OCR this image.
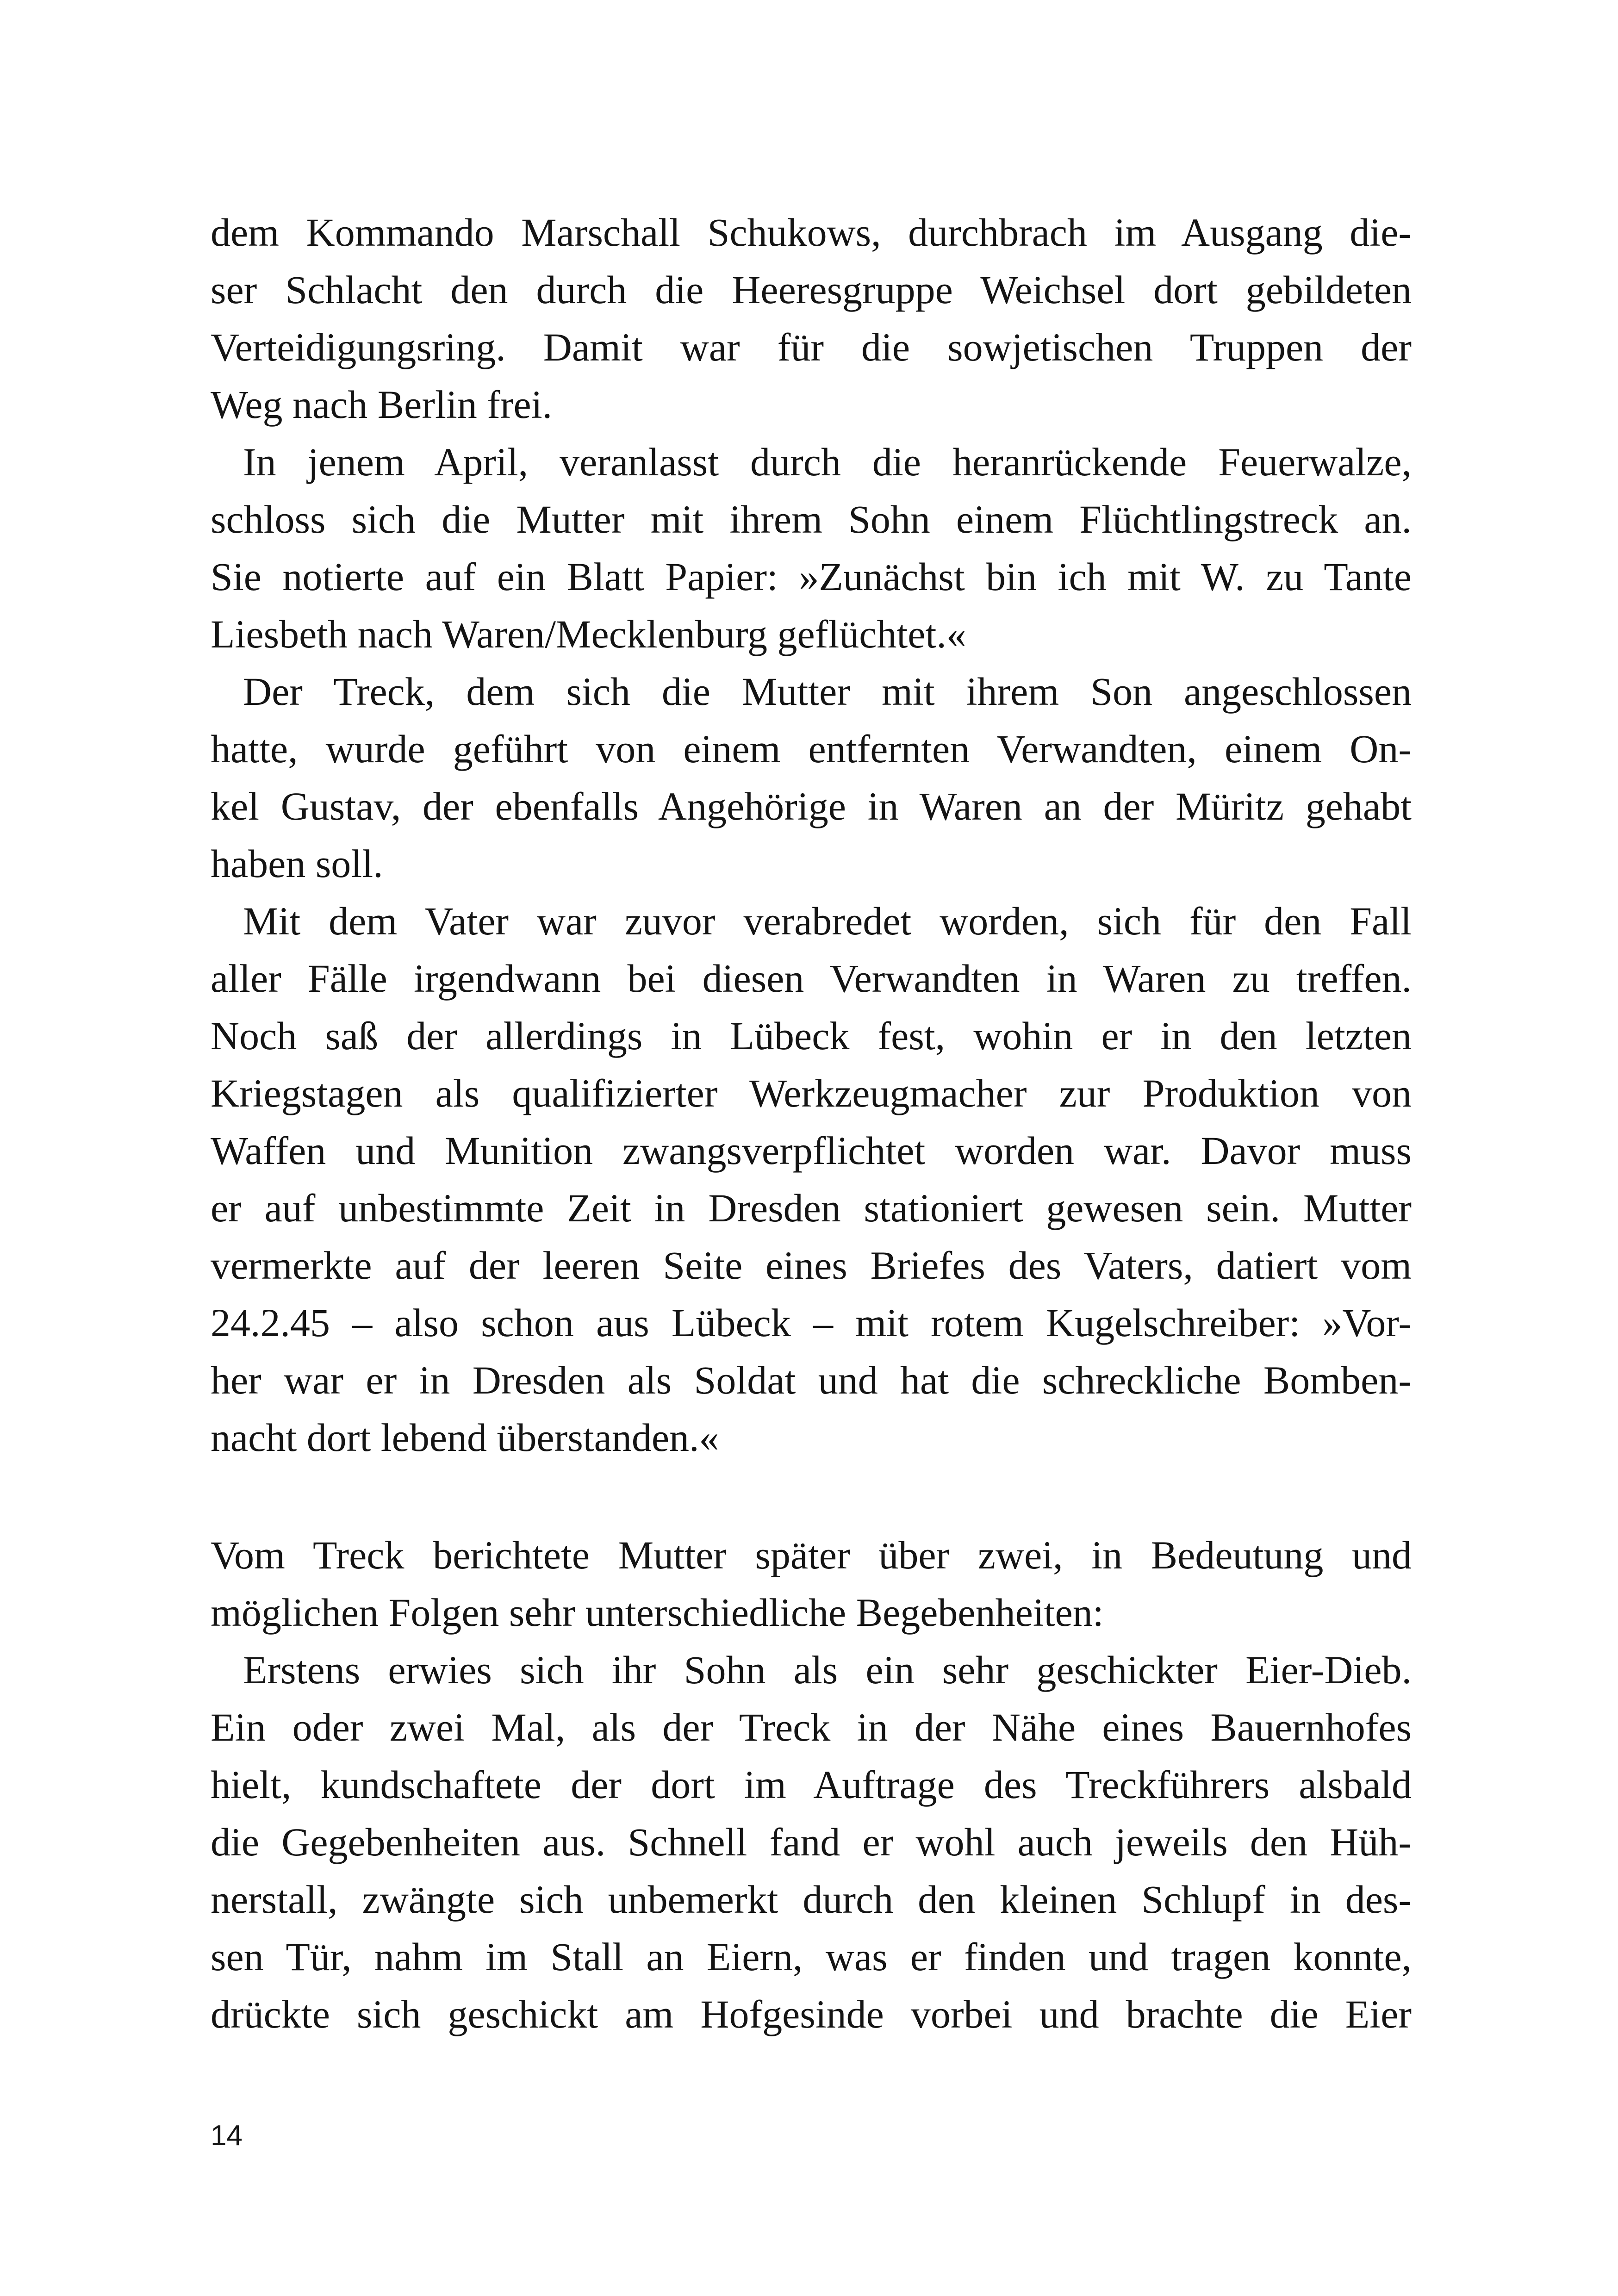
dem Kommando Marschall Schukows, durchbrach im Ausgang die-
ser Schlacht den durch die Heeresgruppe Weichsel dort gebildeten
Verteidigungsring. Damit war für die sowjetischen Truppen der
Weg nach Berlin frei.
In jenem April, veranlasst durch die heranrückende Feuerwalze,
schloss sich die Mutter mit ihrem Sohn einem Flüchtlingstreck an.
Sie notierte auf ein Blatt Papier: »Zunächst bin ich mit W. zu Tante
Liesbeth nach Waren/Mecklenburg geflüchtet.«
Der Treck, dem sich die Mutter mit ihrem Son angeschlossen
hatte, wurde geführt von einem entfernten Verwandten, einem On-
kel Gustav, der ebenfalls Angehörige in Waren an der Müritz gehabt
haben soll.
Mit dem Vater war zuvor verabredet worden, sich für den Fall
aller Fälle irgendwann bei diesen Verwandten in Waren zu treffen.
Noch saß der allerdings in Lübeck fest, wohin er in den letzten
Kriegstagen als qualifizierter Werkzeugmacher zur Produktion von
Waffen und Munition zwangsverpflichtet worden war. Davor muss
er auf unbestimmte Zeit in Dresden stationiert gewesen sein. Mutter
vermerkte auf der leeren Seite eines Briefes des Vaters, datiert vom
24.2.45 – also schon aus Lübeck – mit rotem Kugelschreiber: »Vor-
her war er in Dresden als Soldat und hat die schreckliche Bomben-
nacht dort lebend überstanden.«
Vom Treck berichtete Mutter später über zwei, in Bedeutung und
möglichen Folgen sehr unterschiedliche Begebenheiten:
Erstens erwies sich ihr Sohn als ein sehr geschickter Eier-Dieb.
Ein oder zwei Mal, als der Treck in der Nähe eines Bauernhofes
hielt, kundschaftete der dort im Auftrage des Treckführers alsbald
die Gegebenheiten aus. Schnell fand er wohl auch jeweils den Hüh-
nerstall, zwängte sich unbemerkt durch den kleinen Schlupf in des-
sen Tür, nahm im Stall an Eiern, was er finden und tragen konnte,
drückte sich geschickt am Hofgesinde vorbei und brachte die Eier
14
